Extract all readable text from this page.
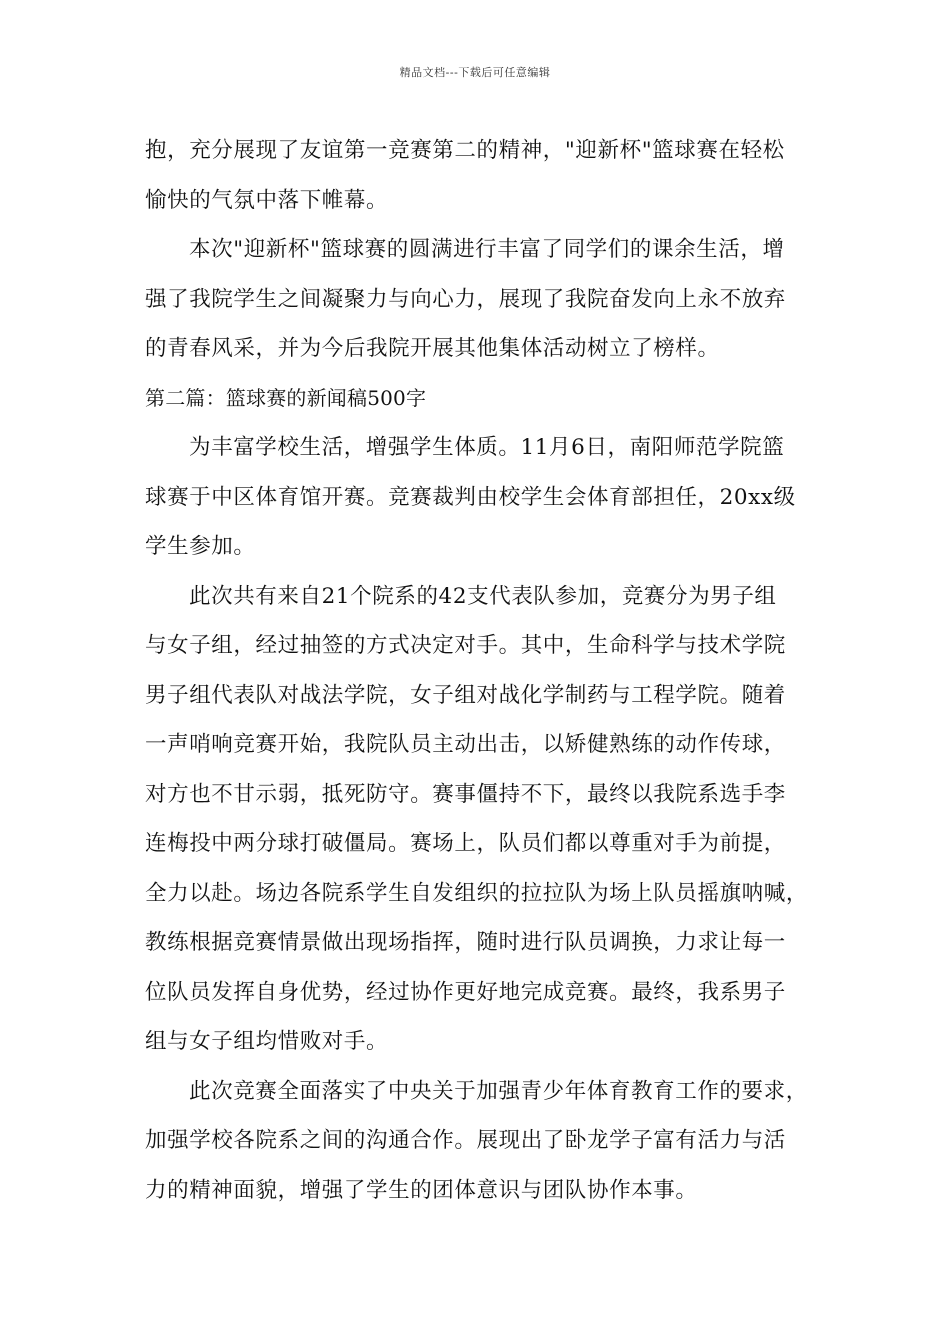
精品文档---下载后可任意编辑
抱，充分展现了友谊第一竞赛第二的精神，"迎新杯"篮球赛在轻松
愉快的气氛中落下帷幕。
本次"迎新杯"篮球赛的圆满进行丰富了同学们的课余生活，增
强了我院学生之间凝聚力与向心力，展现了我院奋发向上永不放弃
的青春风采，并为今后我院开展其他集体活动树立了榜样。
第二篇：篮球赛的新闻稿500字
为丰富学校生活，增强学生体质。11月6日，南阳师范学院篮
球赛于中区体育馆开赛。竞赛裁判由校学生会体育部担任，20xx级
学生参加。
此次共有来自21个院系的42支代表队参加，竞赛分为男子组
与女子组，经过抽签的方式决定对手。其中，生命科学与技术学院
男子组代表队对战法学院，女子组对战化学制药与工程学院。随着
一声哨响竞赛开始，我院队员主动出击，以矫健熟练的动作传球，
对方也不甘示弱，抵死防守。赛事僵持不下，最终以我院系选手李
连梅投中两分球打破僵局。赛场上，队员们都以尊重对手为前提，
全力以赴。场边各院系学生自发组织的拉拉队为场上队员摇旗呐喊，
教练根据竞赛情景做出现场指挥，随时进行队员调换，力求让每一
位队员发挥自身优势，经过协作更好地完成竞赛。最终，我系男子
组与女子组均惜败对手。
此次竞赛全面落实了中央关于加强青少年体育教育工作的要求，
加强学校各院系之间的沟通合作。展现出了卧龙学子富有活力与活
力的精神面貌，增强了学生的团体意识与团队协作本事。
